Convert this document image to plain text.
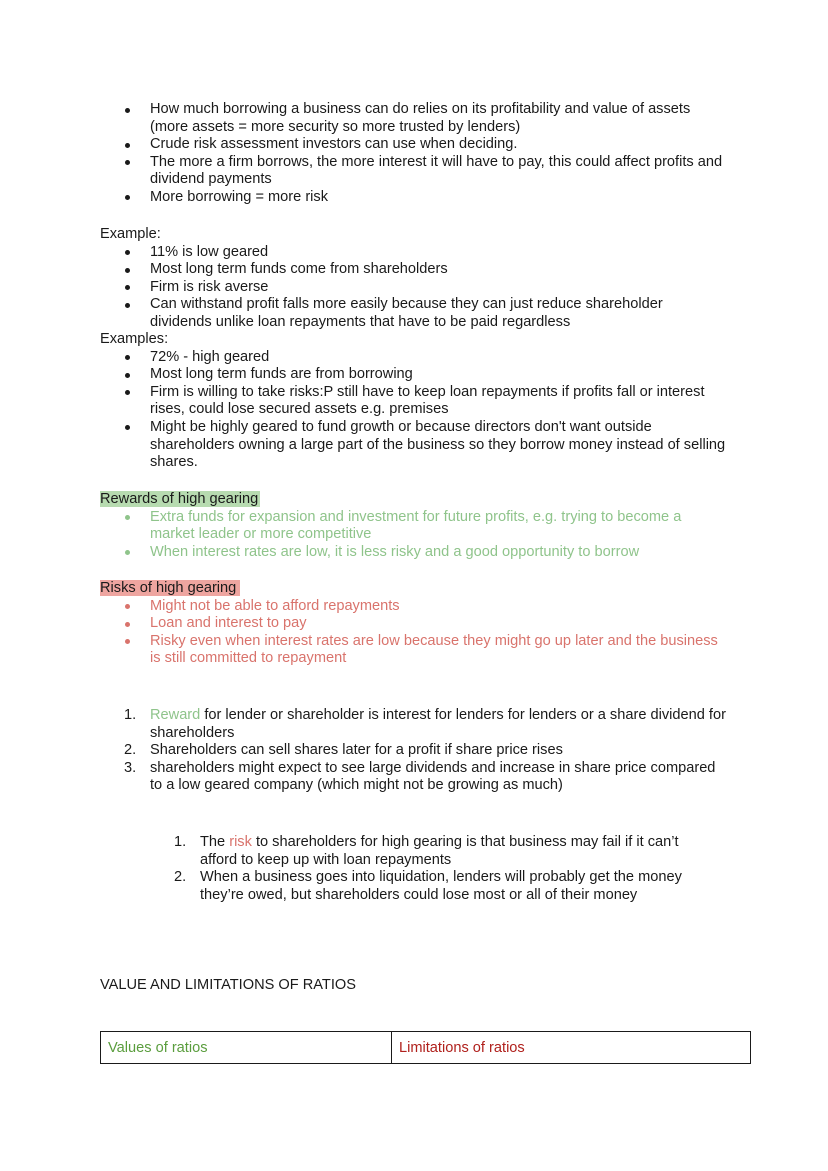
How much borrowing a business can do relies on its profitability and value of assets (more assets = more security so more trusted by lenders)
Crude risk assessment investors can use when deciding.
The more a firm borrows, the more interest it will have to pay, this could affect profits and dividend payments
More borrowing = more risk
Example:
11% is low geared
Most long term funds come from shareholders
Firm is risk averse
Can withstand profit falls more easily because they can just reduce shareholder dividends unlike loan repayments that have to be paid regardless
Examples:
72% - high geared
Most long term funds are from borrowing
Firm is willing to take risks:P still have to keep loan repayments if profits fall or interest rises, could lose secured assets e.g. premises
Might be highly geared to fund growth or because directors don't want outside shareholders owning a large part of the business so they borrow money instead of selling shares.
Rewards of high gearing
Extra funds for expansion and investment for future profits, e.g. trying to become a market leader or more competitive
When interest rates are low, it is less risky and a good opportunity to borrow
Risks of high gearing
Might not be able to afford repayments
Loan and interest to pay
Risky even when interest rates are low because they might go up later and the business is still committed to repayment
1. Reward for lender or shareholder is interest for lenders for lenders or a share dividend for shareholders
2. Shareholders can sell shares later for a profit if share price rises
3. shareholders might expect to see large dividends and increase in share price compared to a low geared company (which might not be growing as much)
1. The risk to shareholders for high gearing is that business may fail if it can’t afford to keep up with loan repayments
2. When a business goes into liquidation, lenders will probably get the money they’re owed, but shareholders could lose most or all of their money
VALUE AND LIMITATIONS OF RATIOS
Values of ratios	Limitations of ratios
